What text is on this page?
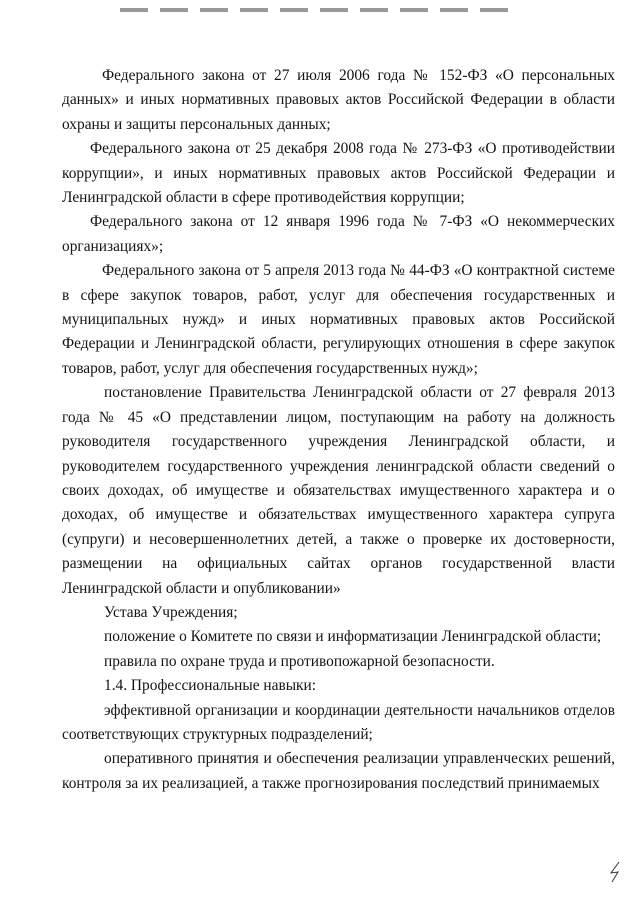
Федерального закона от 27 июля 2006 года № 152-ФЗ «О персональных данных» и иных нормативных правовых актов Российской Федерации в области охраны и защиты персональных данных;

Федерального закона от 25 декабря 2008 года № 273-ФЗ «О противодействии коррупции», и иных нормативных правовых актов Российской Федерации и Ленинградской области в сфере противодействия коррупции;

Федерального закона от 12 января 1996 года № 7-ФЗ «О некоммерческих организациях»;

Федерального закона от 5 апреля 2013 года № 44-ФЗ «О контрактной системе в сфере закупок товаров, работ, услуг для обеспечения государственных и муниципальных нужд» и иных нормативных правовых актов Российской Федерации и Ленинградской области, регулирующих отношения в сфере закупок товаров, работ, услуг для обеспечения государственных нужд»;

постановление Правительства Ленинградской области от 27 февраля 2013 года № 45 «О представлении лицом, поступающим на работу на должность руководителя государственного учреждения Ленинградской области, и руководителем государственного учреждения ленинградской области сведений о своих доходах, об имуществе и обязательствах имущественного характера и о доходах, об имуществе и обязательствах имущественного характера супруга (супруги) и несовершеннолетних детей, а также о проверке их достоверности, размещении на официальных сайтах органов государственной власти Ленинградской области и опубликовании»

Устава Учреждения;

положение о Комитете по связи и информатизации Ленинградской области;

правила по охране труда и противопожарной безопасности.

1.4. Профессиональные навыки:

эффективной организации и координации деятельности начальников отделов соответствующих структурных подразделений;

оперативного принятия и обеспечения реализации управленческих решений, контроля за их реализацией, а также прогнозирования последствий принимаемых
